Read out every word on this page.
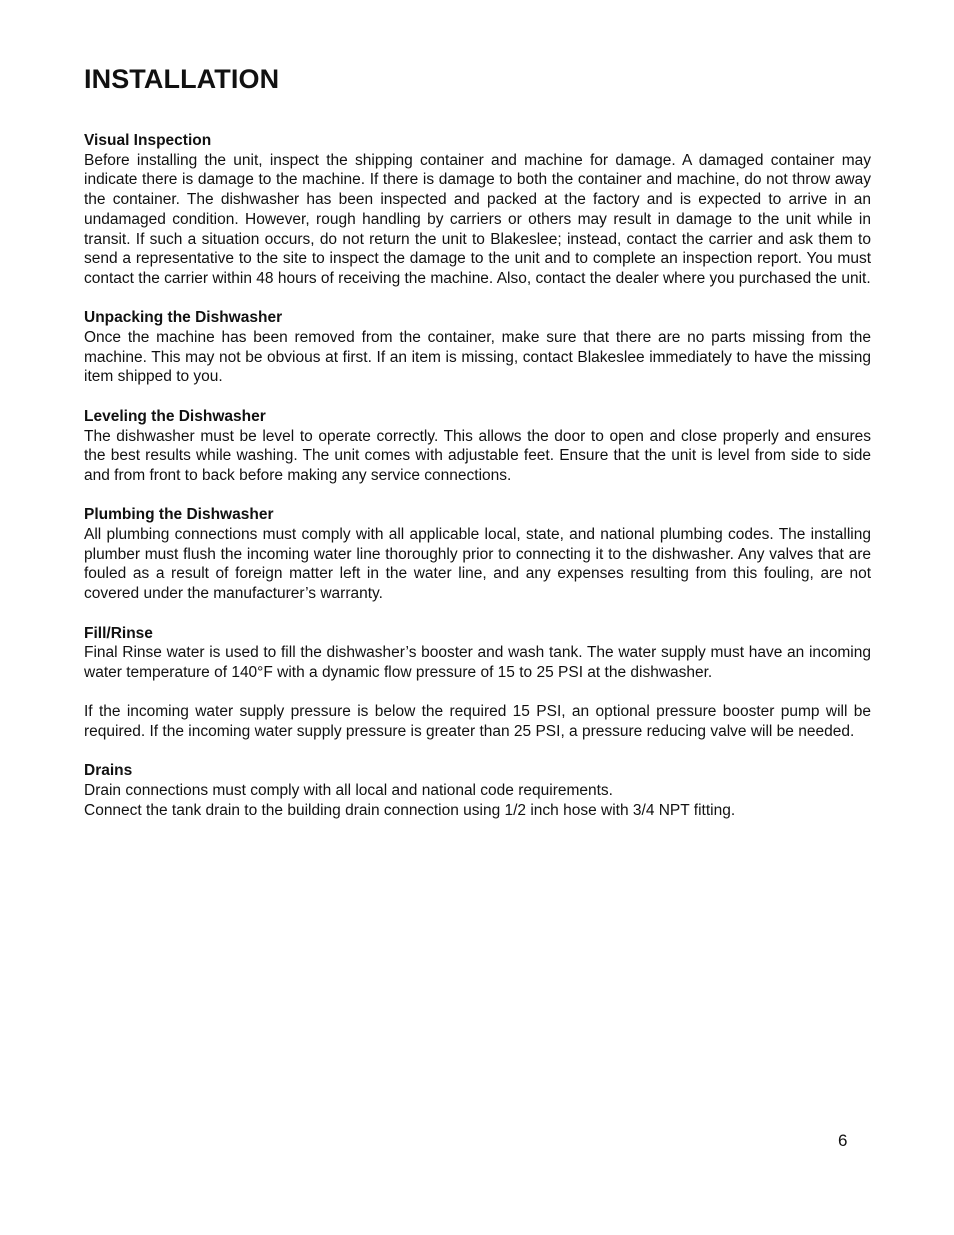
INSTALLATION

Visual Inspection

Before installing the unit, inspect the shipping container and machine for damage. A damaged container may indicate there is damage to the machine. If there is damage to both the container and machine, do not throw away the container. The dishwasher has been inspected and packed at the factory and is expected to arrive in an undamaged condition. However, rough handling by carriers or others may result in damage to the unit while in transit. If such a situation occurs, do not return the unit to Blakeslee; instead, contact the carrier and ask them to send a representative to the site to inspect the damage to the unit and to complete an inspection report. You must contact the carrier within 48 hours of receiving the machine. Also, contact the dealer where you purchased the unit.

Unpacking the Dishwasher

Once the machine has been removed from the container, make sure that there are no parts missing from the machine. This may not be obvious at first. If an item is missing, contact Blakeslee immediately to have the missing item shipped to you.

Leveling the Dishwasher

The dishwasher must be level to operate correctly. This allows the door to open and close properly and ensures the best results while washing. The unit comes with adjustable feet. Ensure that the unit is level from side to side and from front to back before making any service connections.

Plumbing the Dishwasher

All plumbing connections must comply with all applicable local, state, and national plumbing codes. The installing plumber must flush the incoming water line thoroughly prior to connecting it to the dishwasher. Any valves that are fouled as a result of foreign matter left in the water line, and any expenses resulting from this fouling, are not covered under the manufacturer’s warranty.

Fill/Rinse

Final Rinse water is used to fill the dishwasher’s booster and wash tank. The water supply must have an incoming water temperature of 140°F with a dynamic flow pressure of 15 to 25 PSI at the dishwasher.

If the incoming water supply pressure is below the required 15 PSI, an optional pressure booster pump will be required. If the incoming water supply pressure is greater than 25 PSI, a pressure reducing valve will be needed.

Drains

Drain connections must comply with all local and national code requirements.

Connect the tank drain to the building drain connection using 1/2 inch hose with 3/4 NPT fitting.

6
